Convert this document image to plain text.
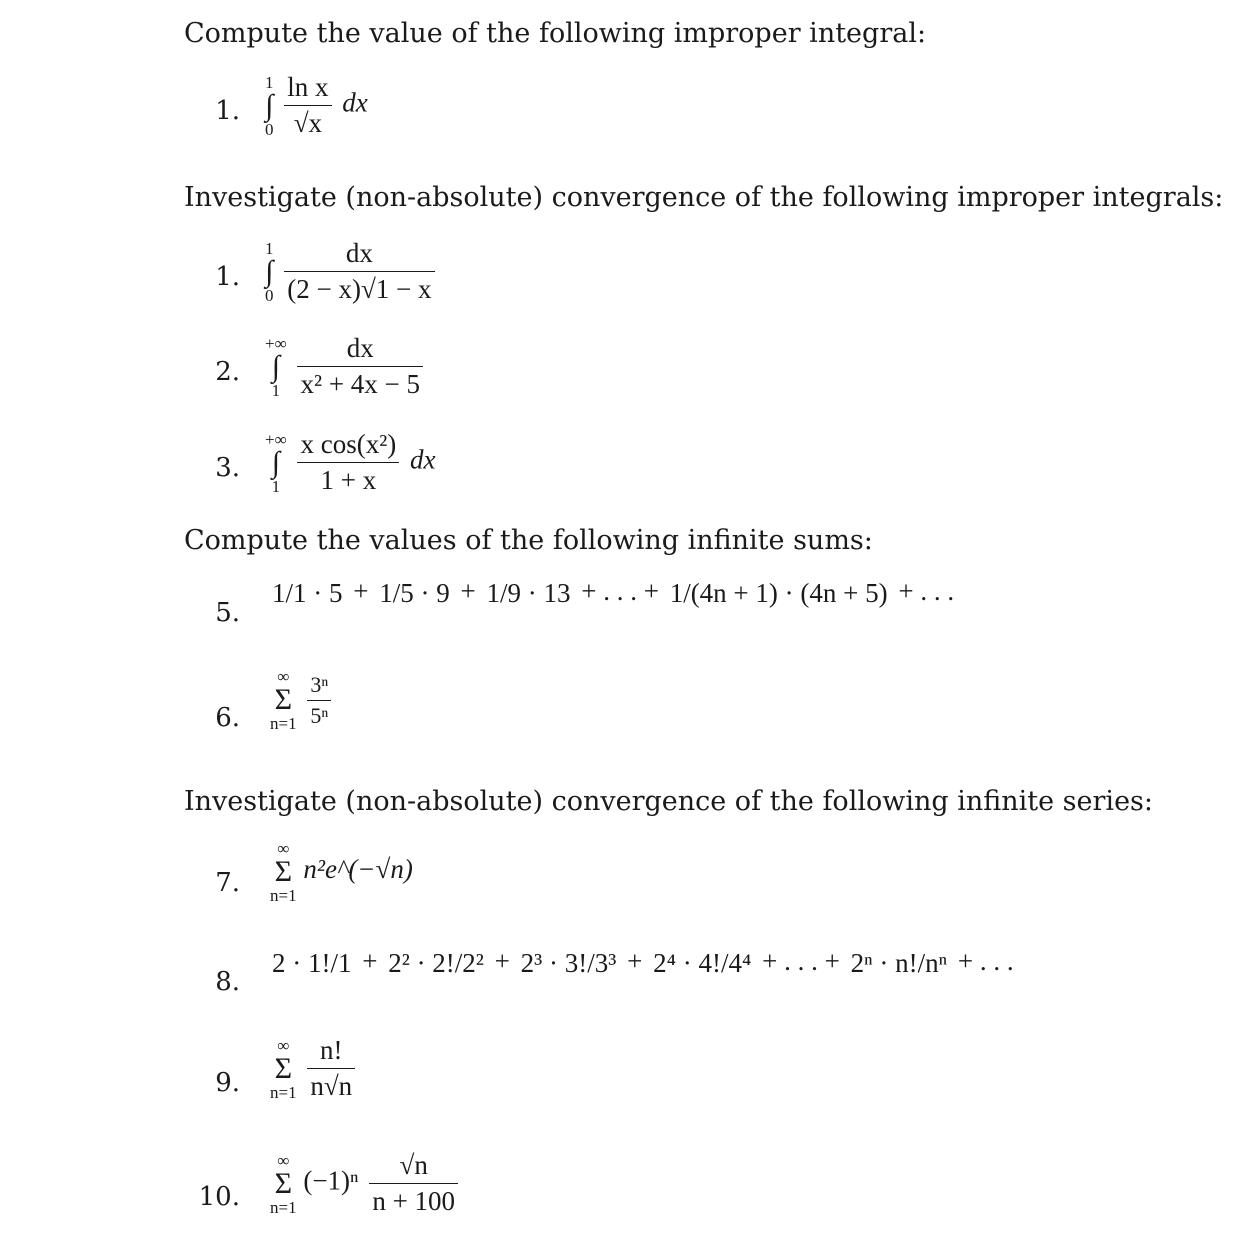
Compute the value of the following improper integral:
1.
1
∫
0
$\frac{\text{ln x}}{√x}$ dx
Investigate (non-absolute) convergence of the following improper integrals:
1.
1
∫
0
$\frac{dx}{(2 - x)√1 - x}$
2.
+∞
∫
1
$\frac{dx}{\text{x² + 4x − 5}}$
3.
+∞
∫
1
$\frac{\text{x cos(x²)}}{1 + x}$ dx
Compute the values of the following infinite sums:
5.
1/1 · 5 + 1/5 · 9 + 1/9 · 13 + . . . + 1/(4n + 1) · (4n + 5) + . . .
6.
∞
Σ
n=1
$\frac{\text{3ⁿ}}{\text{5ⁿ}}$
Investigate (non-absolute) convergence of the following infinite series:
7.
∞
Σ
n=1
n²e^(−√n)
8.
2 · 1!/1 + 2² · 2!/2² + 2³ · 3!/3³ + 2⁴ · 4!/4⁴ + . . . + 2ⁿ · n!/nⁿ + . . .
9.
∞
Σ
n=1
$\frac{n!}{n√n}$
10.
∞
Σ
n=1
$(-1)^n \frac{√n}{n + 100}$
